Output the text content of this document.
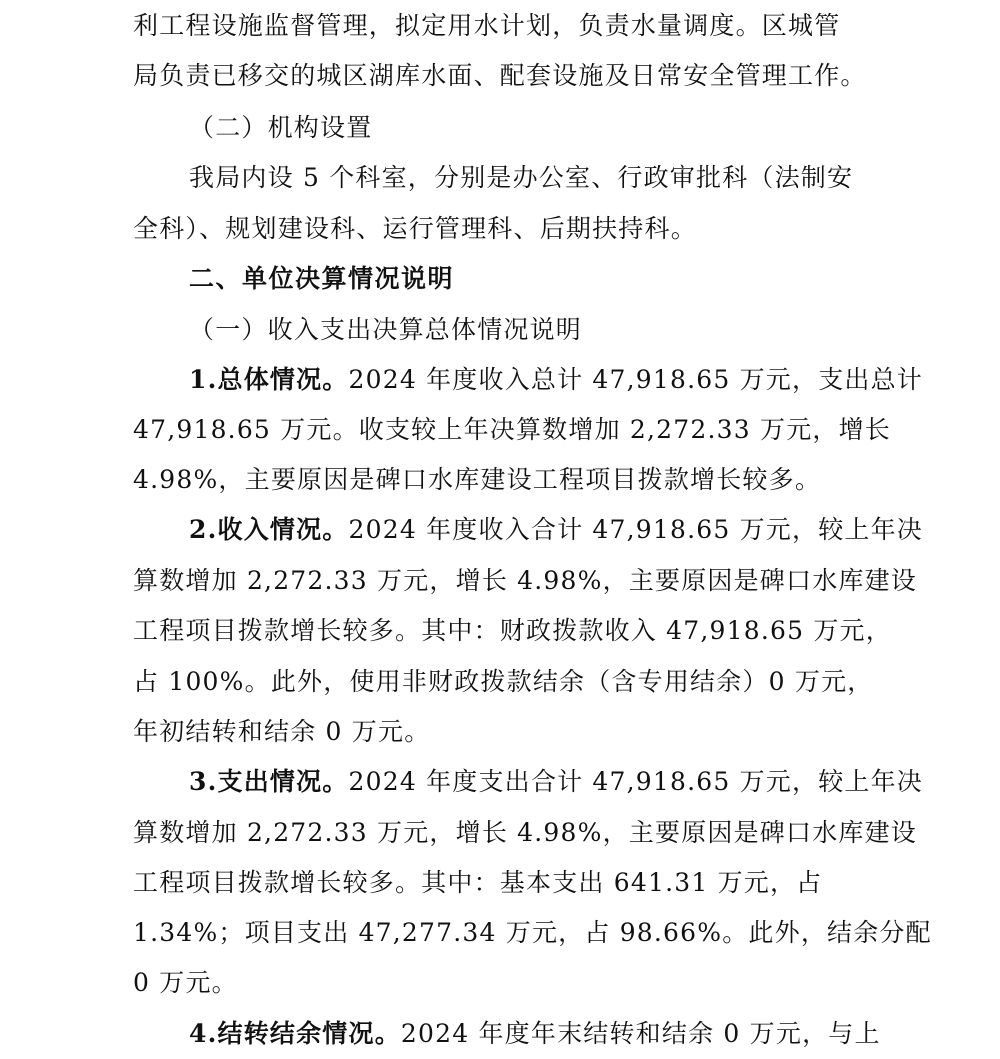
利工程设施监督管理，拟定用水计划，负责水量调度。区城管
局负责已移交的城区湖库水面、配套设施及日常安全管理工作。
（二）机构设置
我局内设 5 个科室，分别是办公室、行政审批科（法制安
全科）、规划建设科、运行管理科、后期扶持科。
二、单位决算情况说明
（一）收入支出决算总体情况说明
1.总体情况。2024 年度收入总计 47,918.65 万元，支出总计
47,918.65 万元。收支较上年决算数增加 2,272.33 万元，增长
4.98%，主要原因是碑口水库建设工程项目拨款增长较多。
2.收入情况。2024 年度收入合计 47,918.65 万元，较上年决
算数增加 2,272.33 万元，增长 4.98%，主要原因是碑口水库建设
工程项目拨款增长较多。其中：财政拨款收入 47,918.65 万元，
占 100%。此外，使用非财政拨款结余（含专用结余）0 万元，
年初结转和结余 0 万元。
3.支出情况。2024 年度支出合计 47,918.65 万元，较上年决
算数增加 2,272.33 万元，增长 4.98%，主要原因是碑口水库建设
工程项目拨款增长较多。其中：基本支出 641.31 万元，占
1.34%；项目支出 47,277.34 万元，占 98.66%。此外，结余分配
0 万元。
4.结转结余情况。2024 年度年末结转和结余 0 万元，与上
